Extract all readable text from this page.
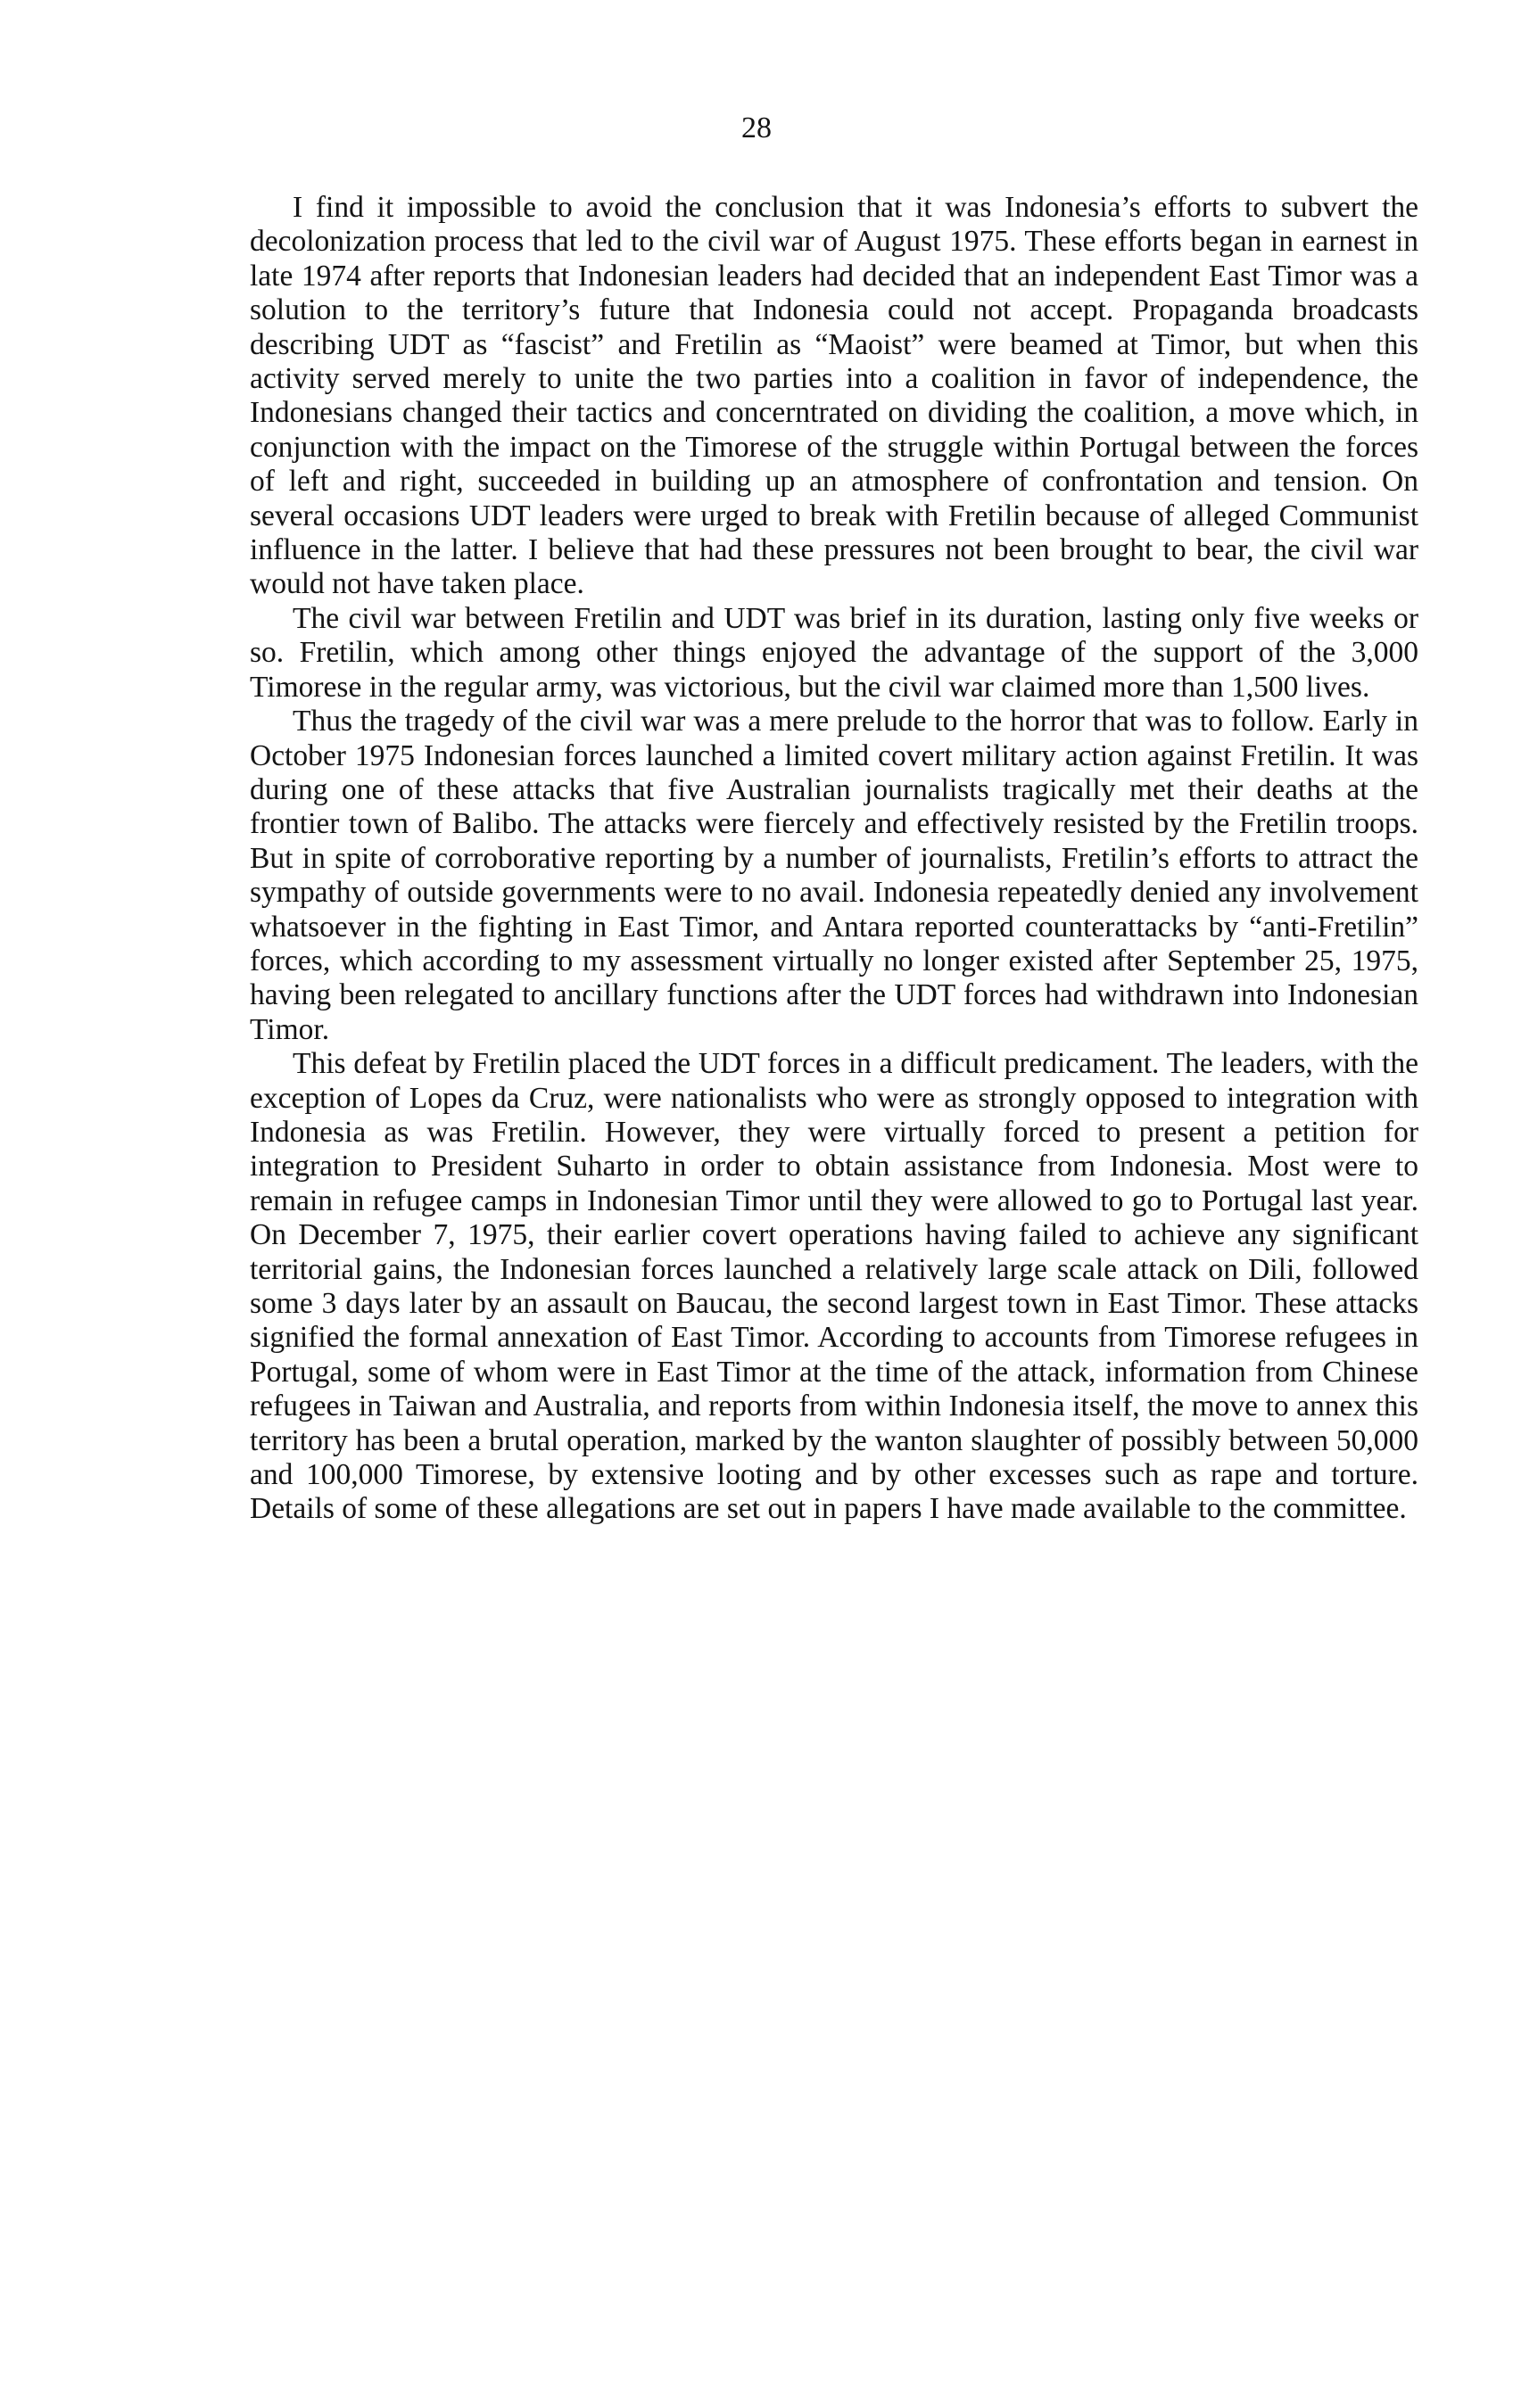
28

I find it impossible to avoid the conclusion that it was Indonesia’s efforts to subvert the decolonization process that led to the civil war of August 1975. These efforts began in earnest in late 1974 after reports that Indonesian leaders had decided that an independent East Timor was a solution to the territory’s future that Indonesia could not accept. Propaganda broadcasts describing UDT as “fascist” and Fretilin as “Maoist” were beamed at Timor, but when this activity served merely to unite the two parties into a coalition in favor of independence, the Indonesians changed their tactics and concerntrated on dividing the coalition, a move which, in conjunction with the impact on the Timorese of the struggle within Portugal between the forces of left and right, succeeded in building up an atmosphere of confrontation and tension. On several occasions UDT leaders were urged to break with Fretilin because of alleged Communist influence in the latter. I believe that had these pressures not been brought to bear, the civil war would not have taken place.

The civil war between Fretilin and UDT was brief in its duration, lasting only five weeks or so. Fretilin, which among other things enjoyed the advantage of the support of the 3,000 Timorese in the regular army, was victorious, but the civil war claimed more than 1,500 lives.

Thus the tragedy of the civil war was a mere prelude to the horror that was to follow. Early in October 1975 Indonesian forces launched a limited covert military action against Fretilin. It was during one of these attacks that five Australian journalists tragically met their deaths at the frontier town of Balibo. The attacks were fiercely and effectively resisted by the Fretilin troops. But in spite of corroborative reporting by a number of journalists, Fretilin’s efforts to attract the sympathy of outside governments were to no avail. Indonesia repeatedly denied any involvement whatsoever in the fighting in East Timor, and Antara reported counterattacks by “anti-Fretilin” forces, which according to my assessment virtually no longer existed after September 25, 1975, having been relegated to ancillary functions after the UDT forces had withdrawn into Indonesian Timor.

This defeat by Fretilin placed the UDT forces in a difficult predicament. The leaders, with the exception of Lopes da Cruz, were nationalists who were as strongly opposed to integration with Indonesia as was Fretilin. However, they were virtually forced to present a petition for integration to President Suharto in order to obtain assistance from Indonesia. Most were to remain in refugee camps in Indonesian Timor until they were allowed to go to Portugal last year. On December 7, 1975, their earlier covert operations having failed to achieve any significant territorial gains, the Indonesian forces launched a relatively large scale attack on Dili, followed some 3 days later by an assault on Baucau, the second largest town in East Timor. These attacks signified the formal annexation of East Timor. According to accounts from Timorese refugees in Portugal, some of whom were in East Timor at the time of the attack, information from Chinese refugees in Taiwan and Australia, and reports from within Indonesia itself, the move to annex this territory has been a brutal operation, marked by the wanton slaughter of possibly between 50,000 and 100,000 Timorese, by extensive looting and by other excesses such as rape and torture. Details of some of these allegations are set out in papers I have made available to the committee.
